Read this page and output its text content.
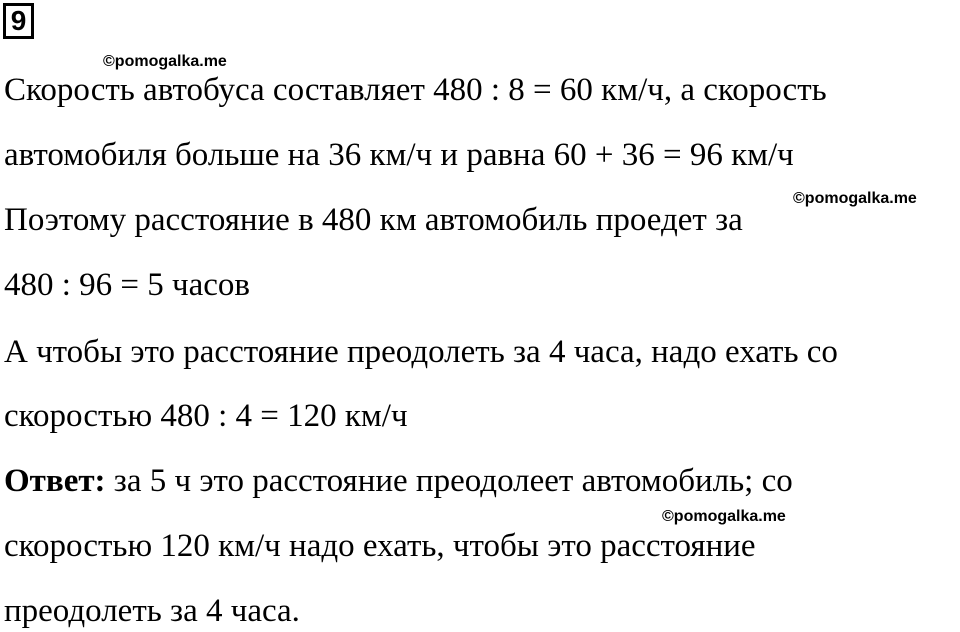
9
©pomogalka.me
©pomogalka.me
©pomogalka.me
Скорость автобуса составляет 480 : 8 = 60 км/ч, а скорость
автомобиля больше на 36 км/ч и равна 60 + 36 = 96 км/ч
Поэтому расстояние в 480 км автомобиль проедет за
480 : 96 = 5 часов
А чтобы это расстояние преодолеть за 4 часа, надо ехать со
скоростью 480 : 4 = 120 км/ч
Ответ: за 5 ч это расстояние преодолеет автомобиль; со
скоростью 120 км/ч надо ехать, чтобы это расстояние
преодолеть за 4 часа.
